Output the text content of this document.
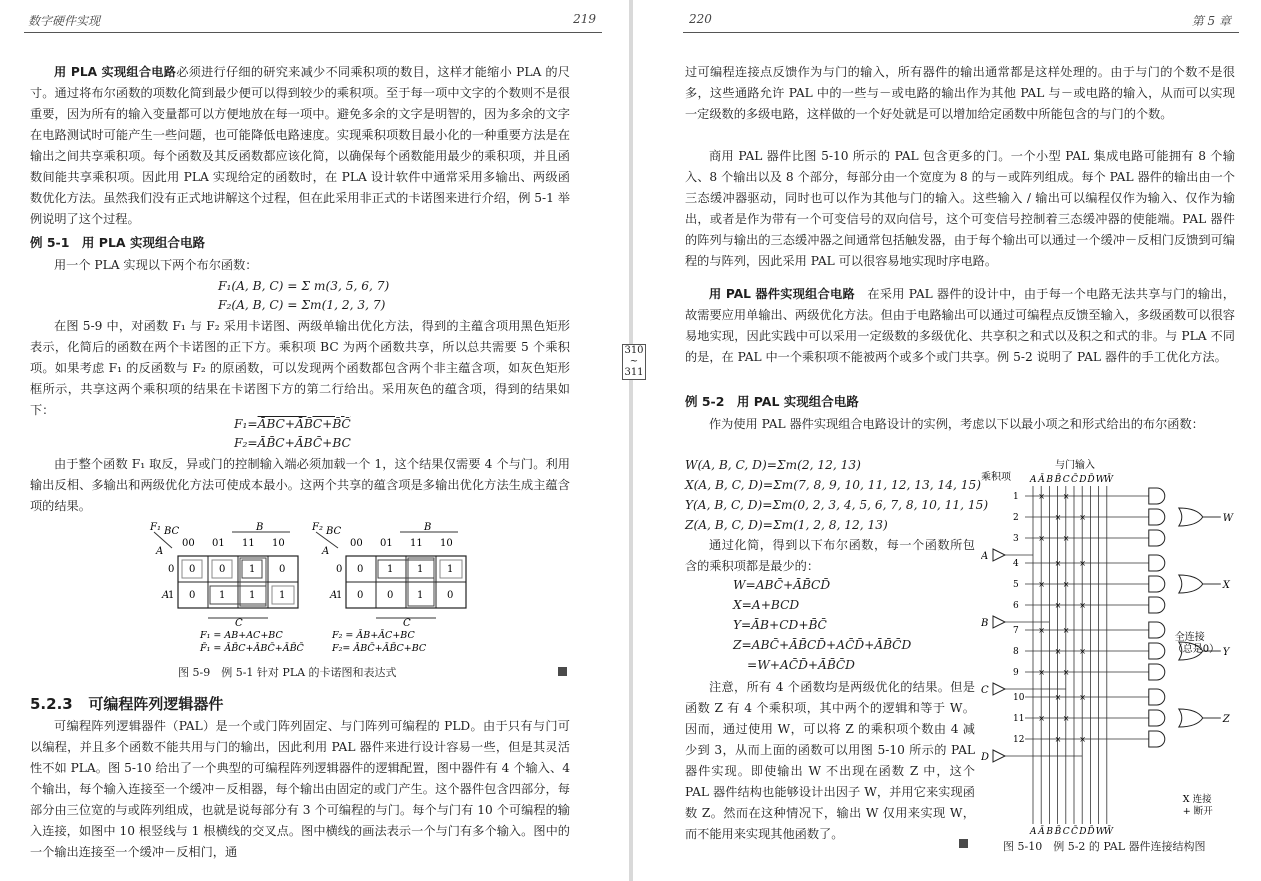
数字硬件实现	219
用 PLA 实现组合电路必须进行仔细的研究来减少不同乘积项的数目，这样才能缩小 PLA 的尺寸。通过将布尔函数的项数化简到最少便可以得到较少的乘积项。至于每一项中文字的个数则不是很重要，因为所有的输入变量都可以方便地放在每一项中。避免多余的文字是明智的，因为多余的文字在电路测试时可能产生一些问题，也可能降低电路速度。实现乘积项数目最小化的一种重要方法是在输出之间共享乘积项。每个函数及其反函数都应该化简，以确保每个函数能用最少的乘积项，并且函数间能共享乘积项。因此用 PLA 实现给定的函数时，在 PLA 设计软件中通常采用多输出、两级函数优化方法。虽然我们没有正式地讲解这个过程，但在此采用非正式的卡诺图来进行介绍，例 5-1 举例说明了这个过程。
例 5-1　用 PLA 实现组合电路
用一个 PLA 实现以下两个布尔函数：
F₁(A, B, C) = Σ m(3, 5, 6, 7)
F₂(A, B, C) = Σm(1, 2, 3, 7)
在图 5-9 中，对函数 F₁ 与 F₂ 采用卡诺图、两级单输出优化方法，得到的主蕴含项用黑色矩形表示，化简后的函数在两个卡诺图的正下方。乘积项 BC 为两个函数共享，所以总共需要 5 个乘积项。如果考虑 F₁ 的反函数与 F₂ 的原函数，可以发现两个函数都包含两个非主蕴含项，如灰色矩形框所示，共享这两个乘积项的结果在卡诺图下方的第二行给出。采用灰色的蕴含项，得到的结果如下：
F₁=ĀBC+ĀB̄C+B̄C̄
F₂=ĀB̄C+ĀBC̄+BC
由于整个函数 F₁ 取反，异或门的控制输入端必须加载一个 1，这个结果仅需要 4 个与门。利用输出反相、多输出和两级优化方法可使成本最小。这两个共享的蕴含项是多输出优化方法生成主蕴含项的结果。
F₁ BC
A
B
00 01 11 10
0
1
A
0 0 1 0
0 1 1 1
C
F₁ = AB+AC+BC
F̄₁ = ĀB̄C+ĀBC̄+ĀB̄C̄
F₂ BC
A
B
00 01 11 10
0
1
A
0 1 1 1
0 0 1 0
C
F₂ = ĀB+ĀC+BC
F₂= ĀBC̄+ĀB̄C+BC
图 5-9　例 5-1 针对 PLA 的卡诺图和表达式
5.2.3 可编程阵列逻辑器件
可编程阵列逻辑器件（PAL）是一个或门阵列固定、与门阵列可编程的 PLD。由于只有与门可以编程，并且多个函数不能共用与门的输出，因此利用 PAL 器件来进行设计容易一些，但是其灵活性不如 PLA。图 5-10 给出了一个典型的可编程阵列逻辑器件的逻辑配置，图中器件有 4 个输入、4 个输出，每个输入连接至一个缓冲－反相器，每个输出由固定的或门产生。这个器件包含四部分，每部分由三位宽的与或阵列组成，也就是说每部分有 3 个可编程的与门。每个与门有 10 个可编程的输入连接，如图中 10 根竖线与 1 根横线的交叉点。图中横线的画法表示一个与门有多个输入。图中的一个输出连接至一个缓冲－反相门，通
310
~
311
220	第 5 章
过可编程连接点反馈作为与门的输入，所有器件的输出通常都是这样处理的。由于与门的个数不是很多，这些通路允许 PAL 中的一些与－或电路的输出作为其他 PAL 与－或电路的输入，从而可以实现一定级数的多级电路，这样做的一个好处就是可以增加给定函数中所能包含的与门的个数。
商用 PAL 器件比图 5-10 所示的 PAL 包含更多的门。一个小型 PAL 集成电路可能拥有 8 个输入、8 个输出以及 8 个部分，每部分由一个宽度为 8 的与－或阵列组成。每个 PAL 器件的输出由一个三态缓冲器驱动，同时也可以作为其他与门的输入。这些输入 / 输出可以编程仅作为输入、仅作为输出，或者是作为带有一个可变信号的双向信号，这个可变信号控制着三态缓冲器的使能端。PAL 器件的阵列与输出的三态缓冲器之间通常包括触发器，由于每个输出可以通过一个缓冲－反相门反馈到可编程的与阵列，因此采用 PAL 可以很容易地实现时序电路。
用 PAL 器件实现组合电路　在采用 PAL 器件的设计中，由于每一个电路无法共享与门的输出，故需要应用单输出、两级优化方法。但由于电路输出可以通过可编程点反馈至输入，多级函数可以很容易地实现，因此实践中可以采用一定级数的多级优化、共享积之和式以及积之和式的非。与 PLA 不同的是，在 PAL 中一个乘积项不能被两个或多个或门共享。例 5-2 说明了 PAL 器件的手工优化方法。
例 5-2　用 PAL 实现组合电路
作为使用 PAL 器件实现组合电路设计的实例，考虑以下以最小项之和形式给出的布尔函数：
W(A, B, C, D)=Σm(2, 12, 13)
X(A, B, C, D)=Σm(7, 8, 9, 10, 11, 12, 13, 14, 15)
Y(A, B, C, D)=Σm(0, 2, 3, 4, 5, 6, 7, 8, 10, 11, 15)
Z(A, B, C, D)=Σm(1, 2, 8, 12, 13)
通过化简，得到以下布尔函数，每一个函数所包含的乘积项都是最少的：
W=ABC̄+ĀB̄CD̄
X=A+BCD
Y=ĀB+CD+B̄C̄
Z=ABC̄+ĀB̄CD̄+AC̄D̄+ĀB̄C̄D
=W+AC̄D̄+ĀB̄C̄D
注意，所有 4 个函数均是两级优化的结果。但是函数 Z 有 4 个乘积项，其中两个的逻辑和等于 W。因而，通过使用 W，可以将 Z 的乘积项个数由 4 减少到 3，从而上面的函数可以用图 5-10 所示的 PAL 器件实现。即使输出 W 不出现在函数 Z 中，这个 PAL 器件结构也能够设计出因子 W，并用它来实现函数 Z。然而在这种情况下，输出 W 仅用来实现 W，而不能用来实现其他函数了。
与门输入
乘积项 A
A
Ā
Ā
B
B
B̄
B̄
C
C
C̄
C̄
D
D
D̄
D̄
W
W
W̄
W̄
1 × ×
2	× ×
3 × ×
W
A
4	× ×
5 × ×
6	× ×
X
B
7 × ×
8	× ×
9 × ×
Y
C
10	× ×
11 × ×
12	× ×
Z
D
全连接
（总是0）
X 连接
+ 断开
图 5-10　例 5-2 的 PAL 器件连接结构图
